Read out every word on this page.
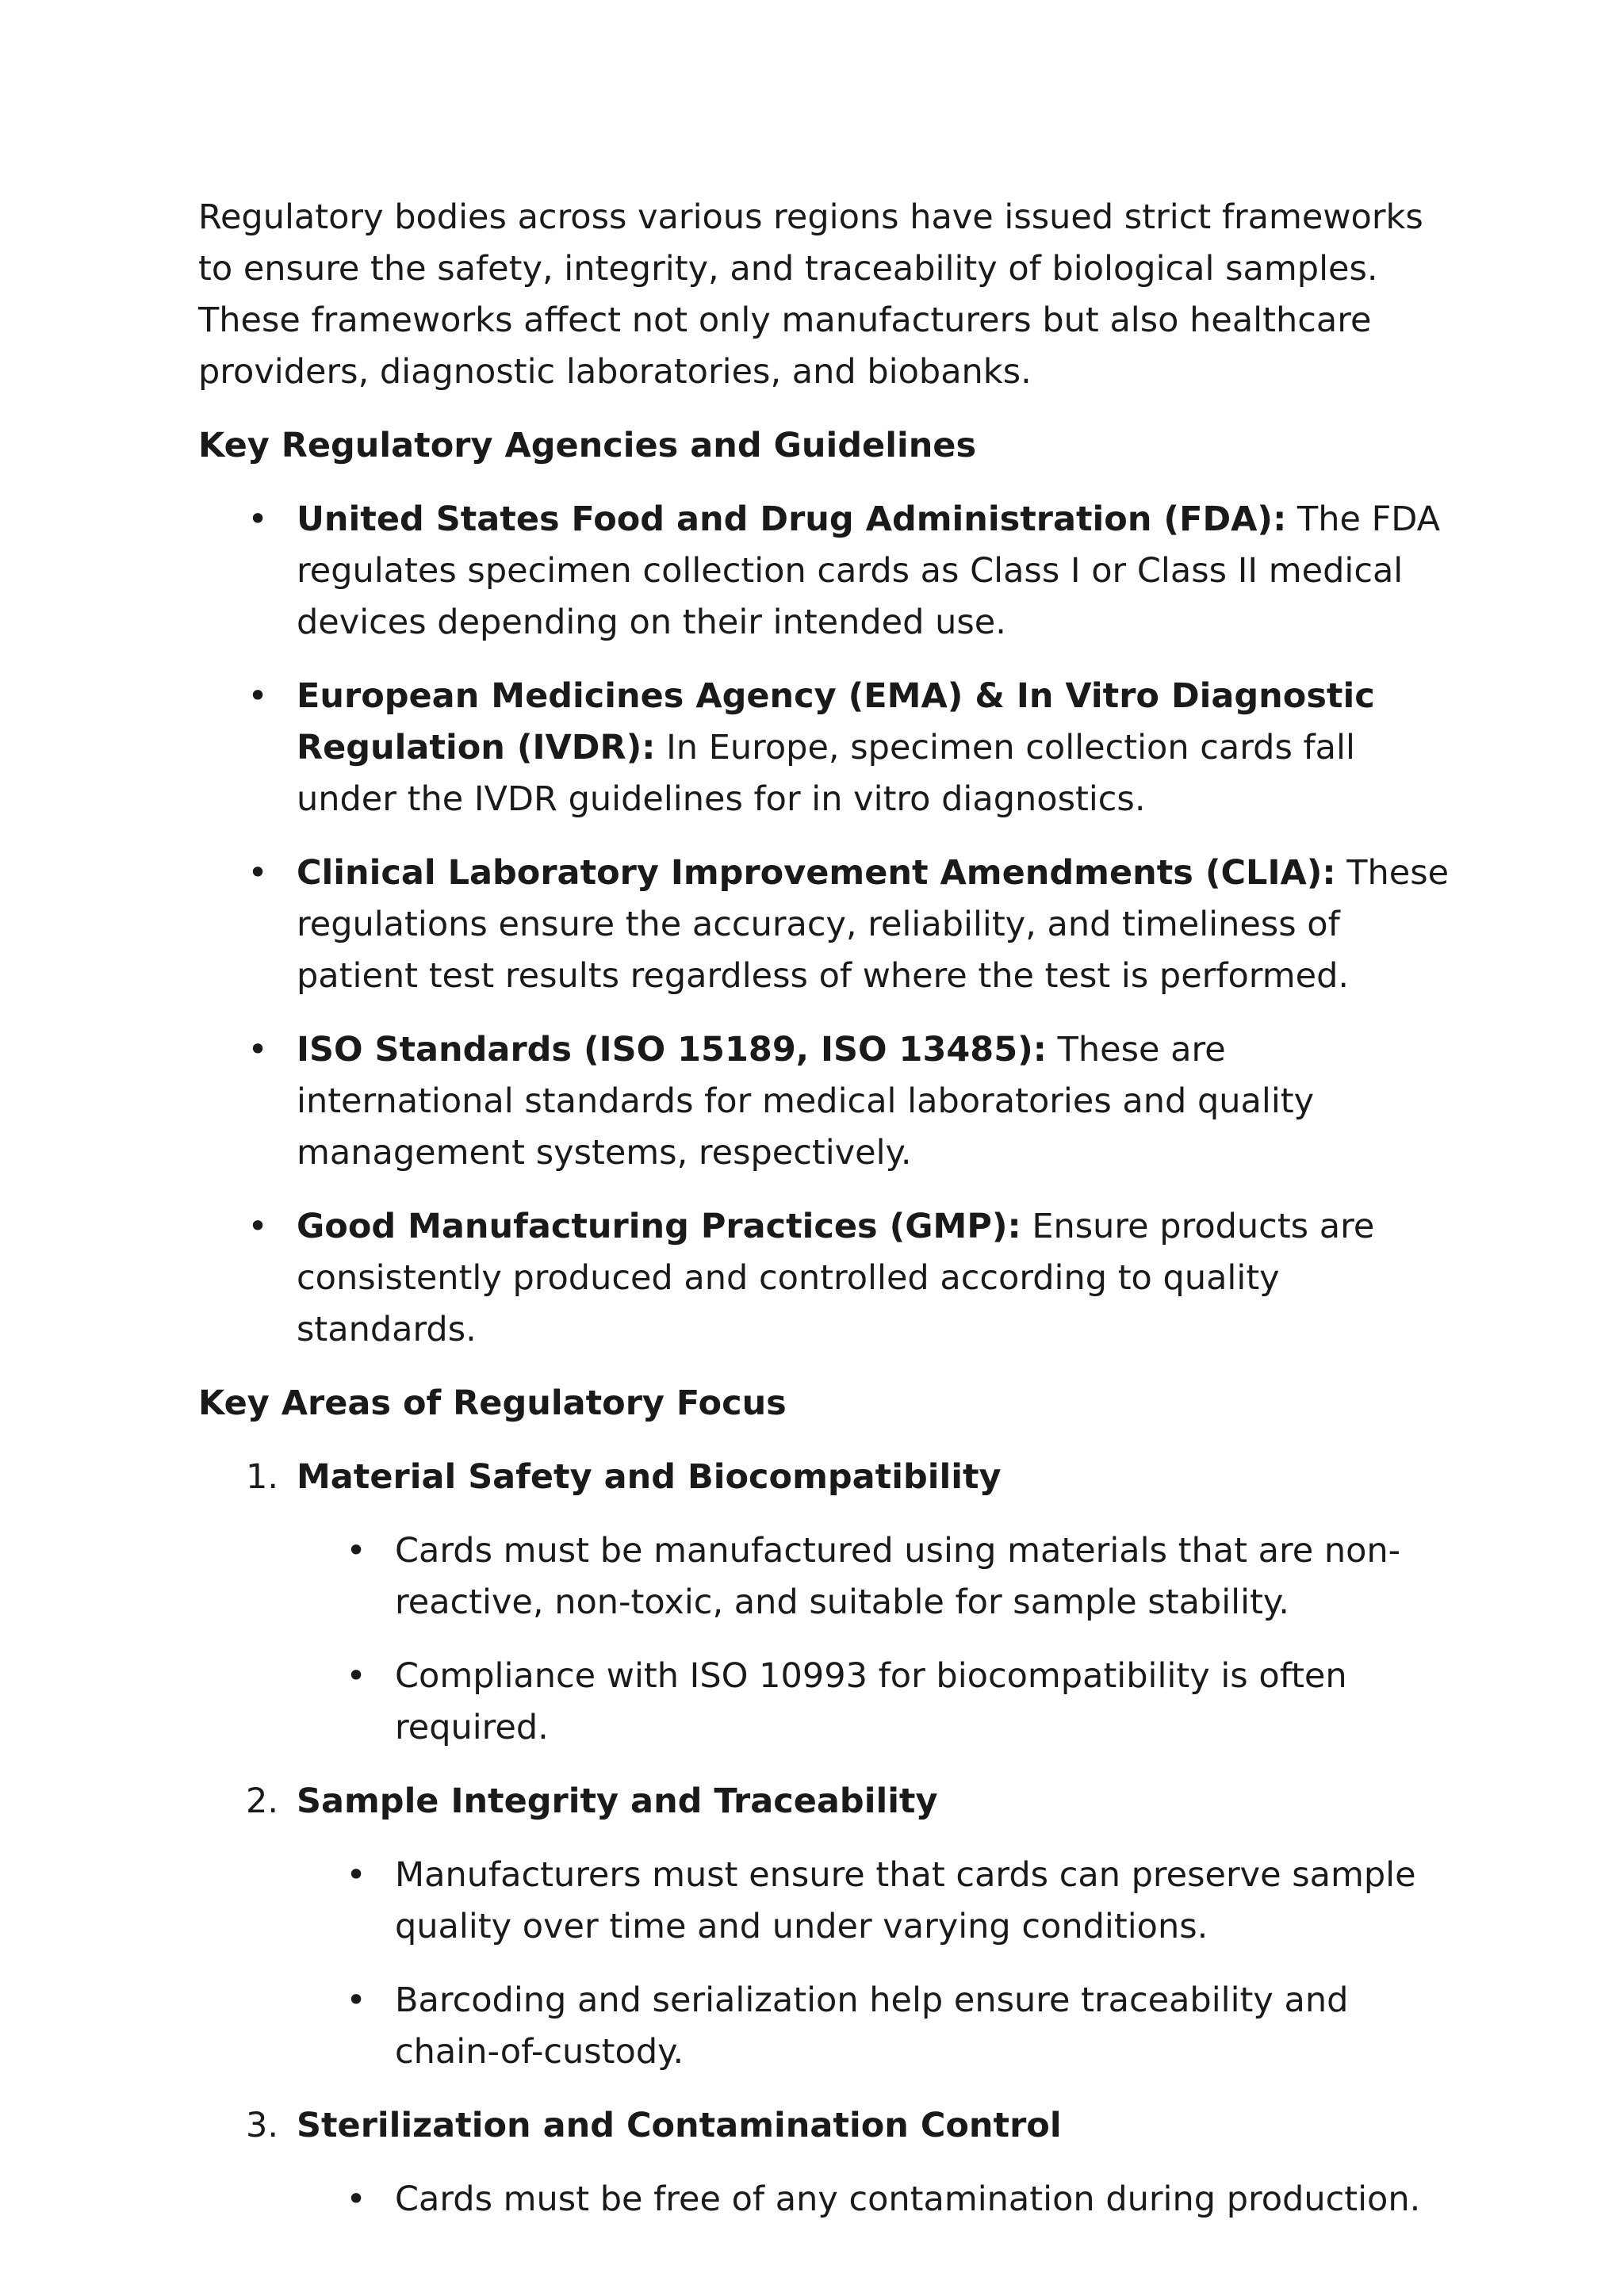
Regulatory bodies across various regions have issued strict frameworks to ensure the safety, integrity, and traceability of biological samples. These frameworks affect not only manufacturers but also healthcare providers, diagnostic laboratories, and biobanks.

Key Regulatory Agencies and Guidelines

• United States Food and Drug Administration (FDA): The FDA regulates specimen collection cards as Class I or Class II medical devices depending on their intended use.
• European Medicines Agency (EMA) & In Vitro Diagnostic Regulation (IVDR): In Europe, specimen collection cards fall under the IVDR guidelines for in vitro diagnostics.
• Clinical Laboratory Improvement Amendments (CLIA): These regulations ensure the accuracy, reliability, and timeliness of patient test results regardless of where the test is performed.
• ISO Standards (ISO 15189, ISO 13485): These are international standards for medical laboratories and quality management systems, respectively.
• Good Manufacturing Practices (GMP): Ensure products are consistently produced and controlled according to quality standards.

Key Areas of Regulatory Focus

1. Material Safety and Biocompatibility

• Cards must be manufactured using materials that are non-reactive, non-toxic, and suitable for sample stability.
• Compliance with ISO 10993 for biocompatibility is often required.
2. Sample Integrity and Traceability

• Manufacturers must ensure that cards can preserve sample quality over time and under varying conditions.
• Barcoding and serialization help ensure traceability and chain-of-custody.
3. Sterilization and Contamination Control

• Cards must be free of any contamination during production.
